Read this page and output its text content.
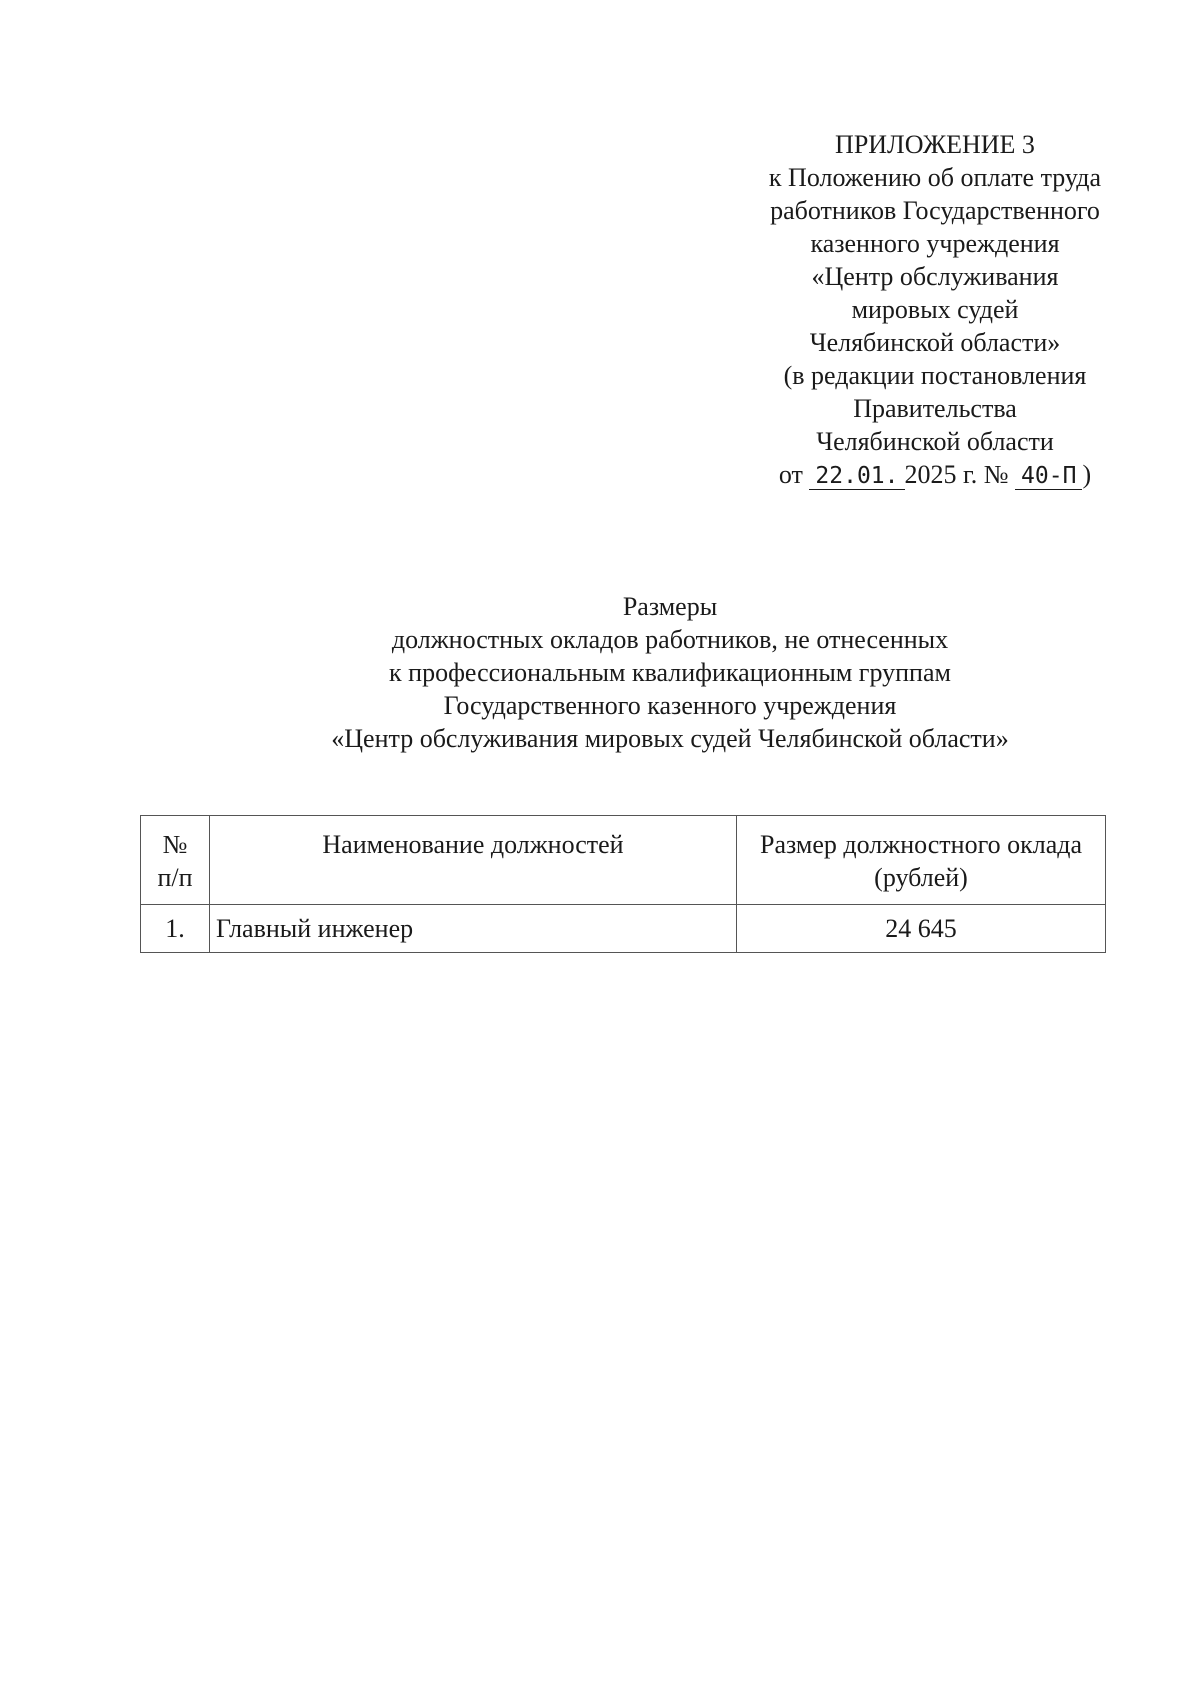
ПРИЛОЖЕНИЕ 3
к Положению об оплате труда
работников Государственного
казенного учреждения
«Центр обслуживания
мировых судей
Челябинской области»
(в редакции постановления
Правительства
Челябинской области
от 22.01. 2025 г. № 40-П )
Размеры
должностных окладов работников, не отнесенных
к профессиональным квалификационным группам
Государственного казенного учреждения
«Центр обслуживания мировых судей Челябинской области»
№
п/п	Наименование должностей	Размер должностного оклада
(рублей)

1.	Главный инженер	24 645
